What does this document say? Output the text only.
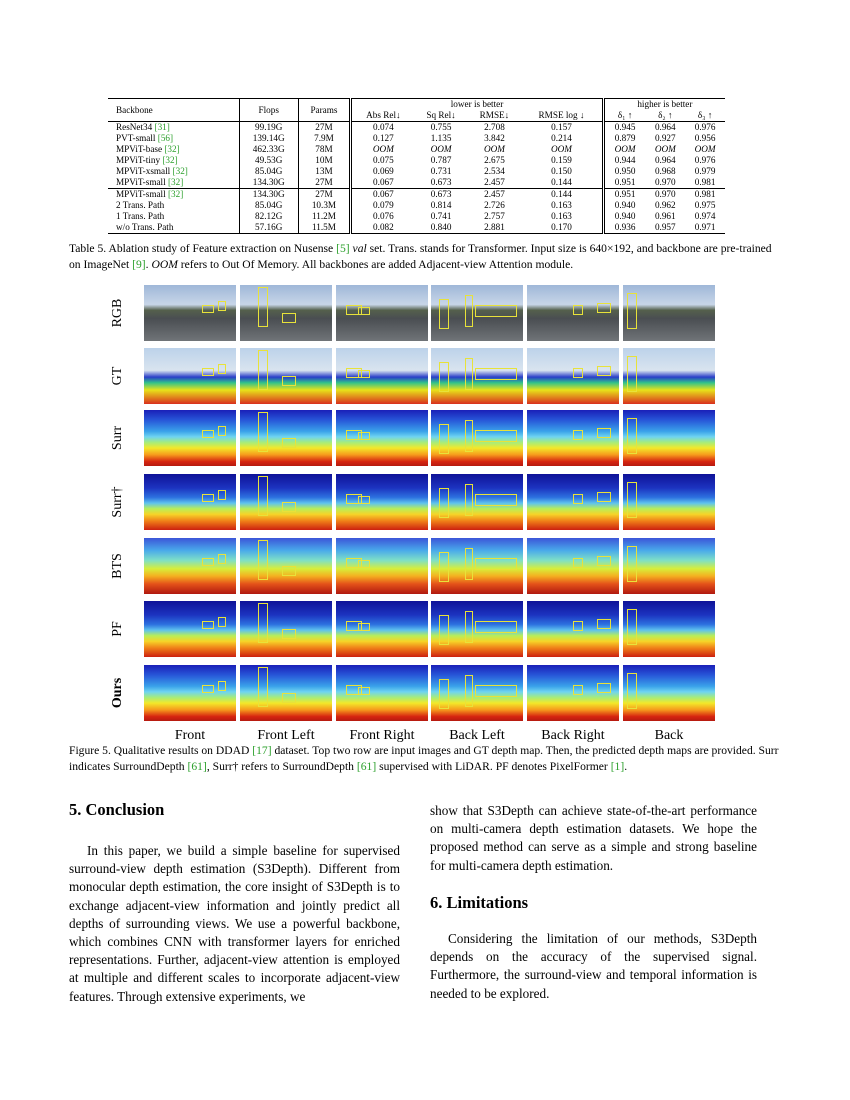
Backbone	Flops	Params	lower is better				higher is better		
			Abs Rel↓	Sq Rel↓	RMSE↓	RMSE log ↓	δ₁ ↑	δ₂ ↑	δ₃ ↑
ResNet34 [31]	99.19G	27M	0.074	0.755	2.708	0.157	0.945	0.964	0.976
PVT-small [56]	139.14G	7.9M	0.127	1.135	3.842	0.214	0.879	0.927	0.956
MPViT-base [32]	462.33G	78M	OOM	OOM	OOM	OOM	OOM	OOM	OOM
MPViT-tiny [32]	49.53G	10M	0.075	0.787	2.675	0.159	0.944	0.964	0.976
MPViT-xsmall [32]	85.04G	13M	0.069	0.731	2.534	0.150	0.950	0.968	0.979
MPViT-small [32]	134.30G	27M	0.067	0.673	2.457	0.144	0.951	0.970	0.981
MPViT-small [32]	134.30G	27M	0.067	0.673	2.457	0.144	0.951	0.970	0.981
2 Trans. Path	85.04G	10.3M	0.079	0.814	2.726	0.163	0.940	0.962	0.975
1 Trans. Path	82.12G	11.2M	0.076	0.741	2.757	0.163	0.940	0.961	0.974
w/o Trans. Path	57.16G	11.5M	0.082	0.840	2.881	0.170	0.936	0.957	0.971
Table 5. Ablation study of Feature extraction on Nusense [5] val set. Trans. stands for Transformer. Input size is 640×192, and backbone are pre-trained on ImageNet [9]. OOM refers to Out Of Memory. All backbones are added Adjacent-view Attention module.
RGB
GT
Surr
Surr†
BTS
PF
Ours
Front	Front Left	Front Right	Back Left	Back Right	Back
Figure 5. Qualitative results on DDAD [17] dataset. Top two row are input images and GT depth map. Then, the predicted depth maps are provided. Surr indicates SurroundDepth [61], Surr† refers to SurroundDepth [61] supervised with LiDAR. PF denotes PixelFormer [1].
5. Conclusion

In this paper, we build a simple baseline for supervised surround-view depth estimation (S3Depth). Different from monocular depth estimation, the core insight of S3Depth is to exchange adjacent-view information and jointly predict all depths of surrounding views. We use a powerful backbone, which combines CNN with transformer layers for enriched representations. Further, adjacent-view attention is employed at multiple and different scales to incorporate adjacent-view features. Through extensive experiments, we

show that S3Depth can achieve state-of-the-art performance on multi-camera depth estimation datasets. We hope the proposed method can serve as a simple and strong baseline for multi-camera depth estimation.

6. Limitations

Considering the limitation of our methods, S3Depth depends on the accuracy of the supervised signal. Furthermore, the surround-view and temporal information is needed to be explored.
